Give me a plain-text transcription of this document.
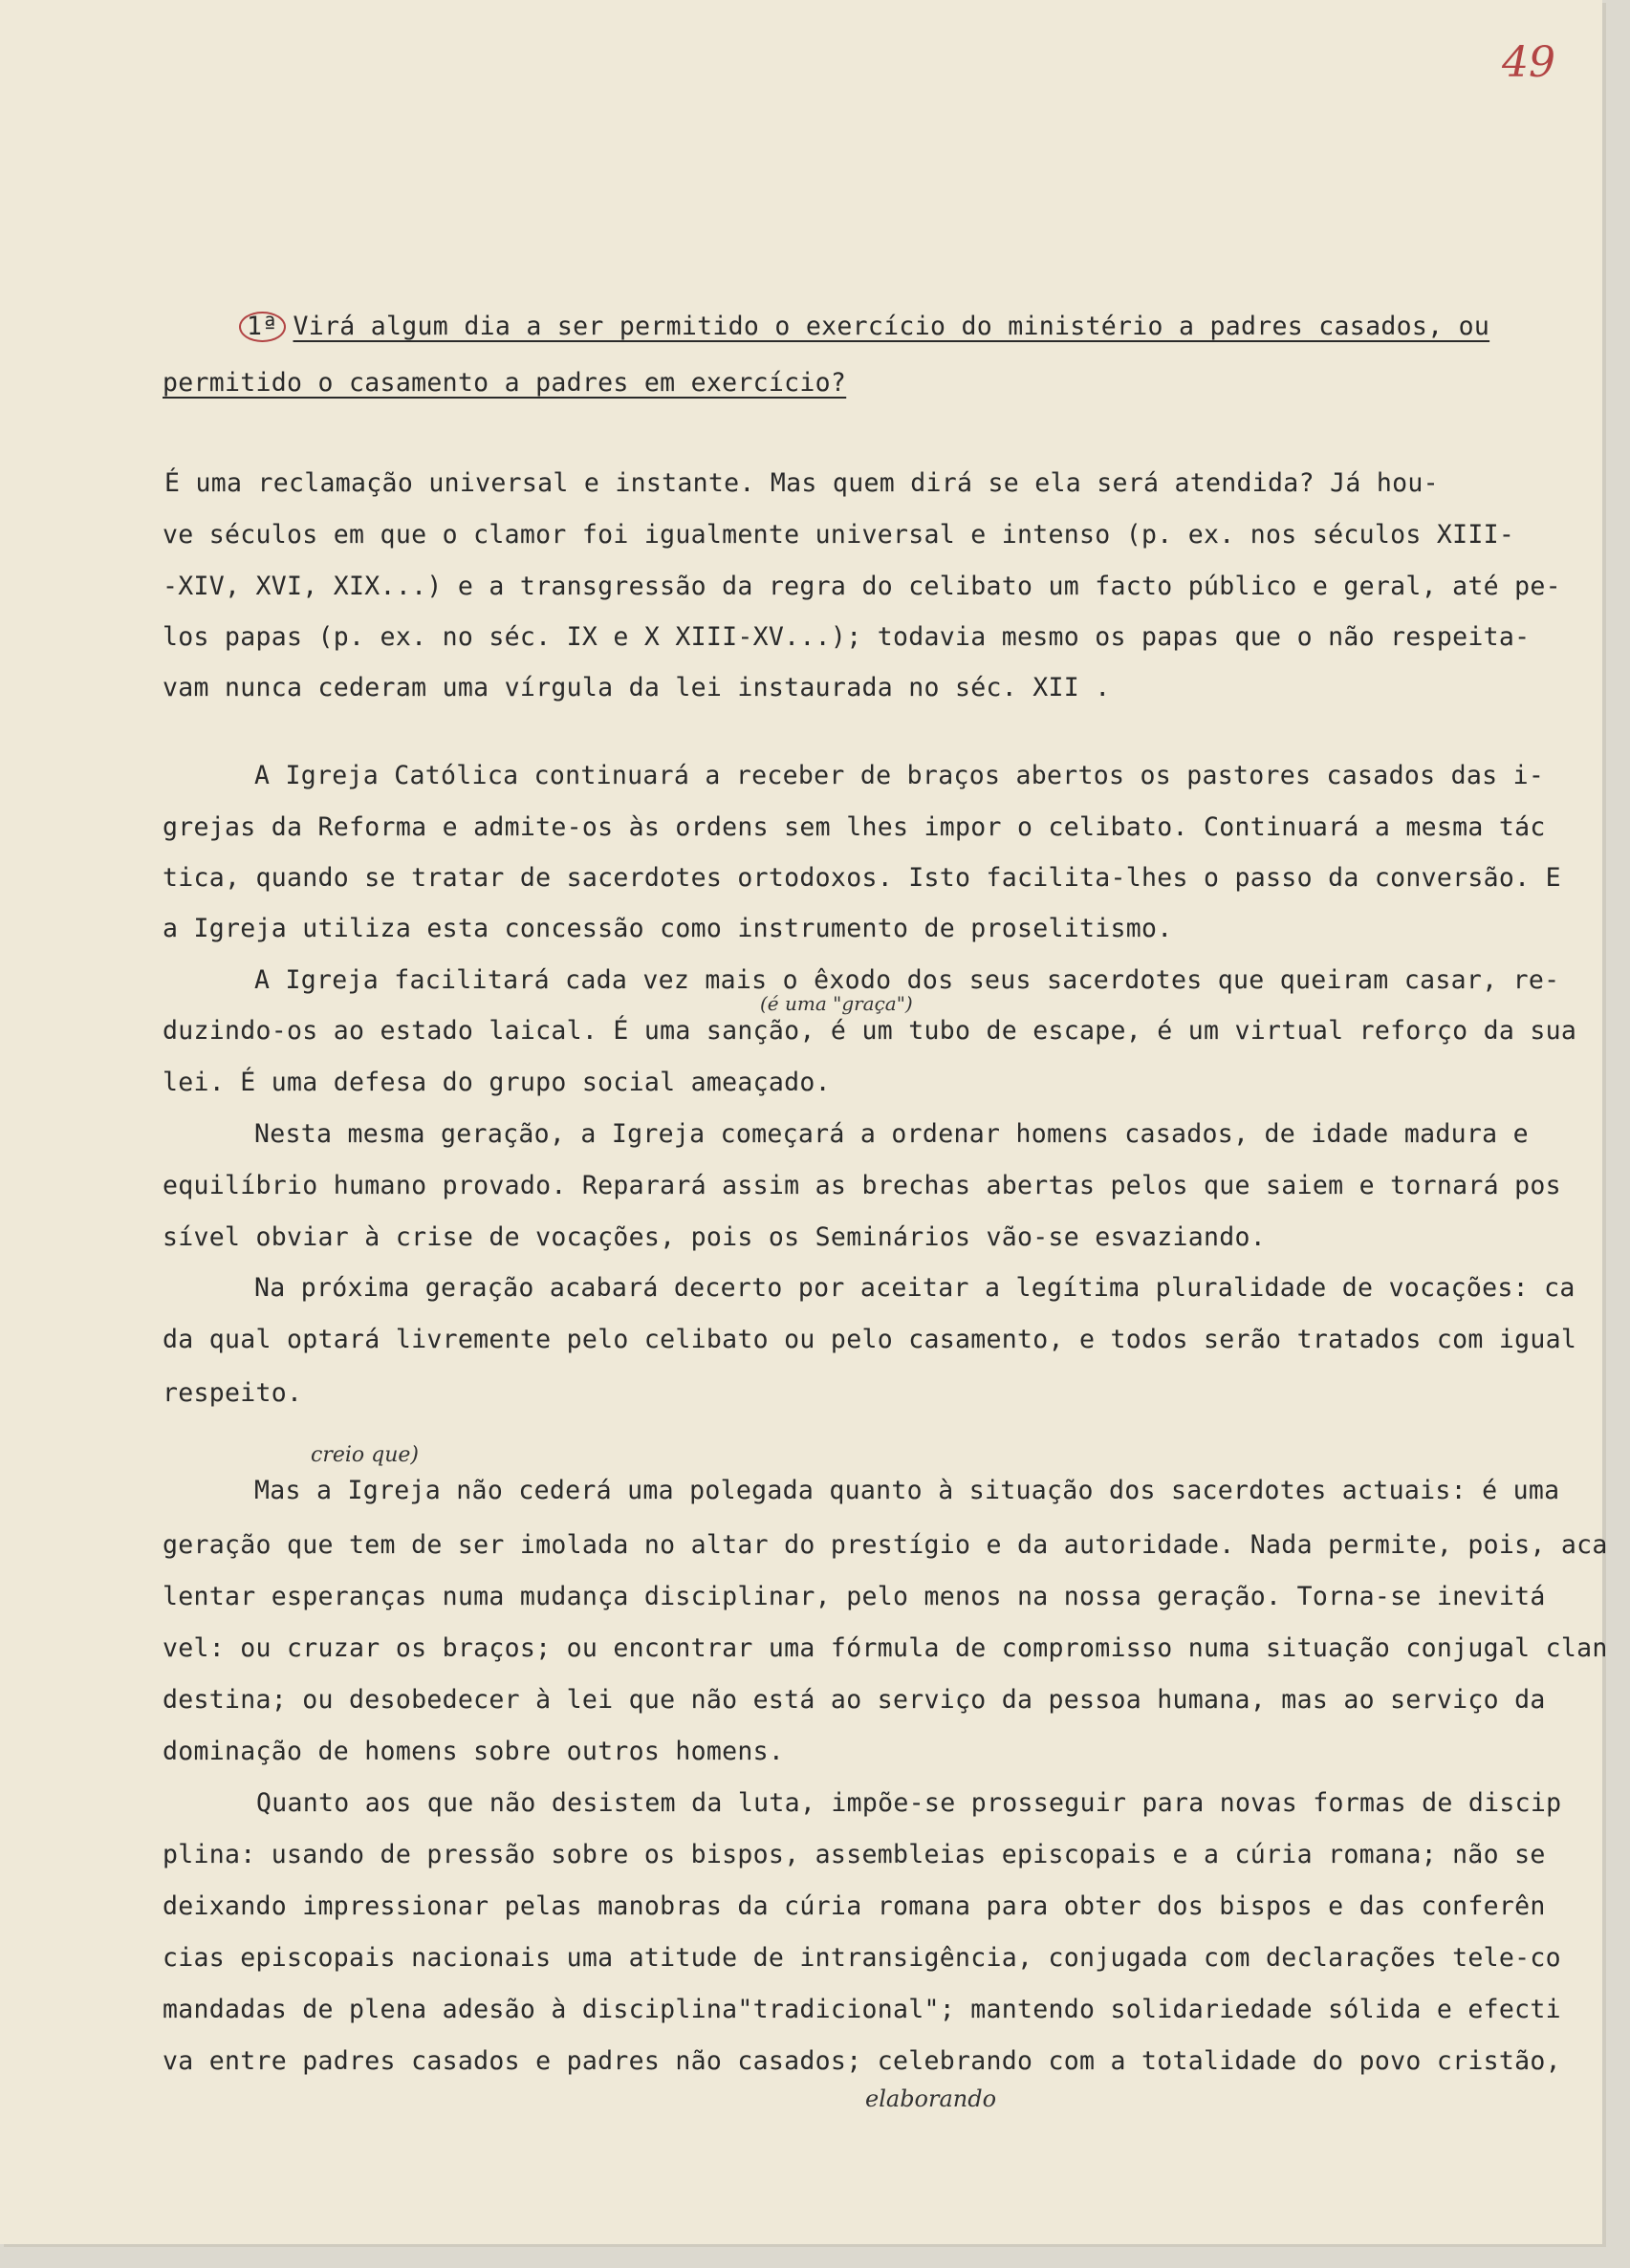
49
1ª Virá algum dia a ser permitido o exercício do ministério a padres casados, ou
permitido o casamento a padres em exercício?
É uma reclamação universal e instante. Mas quem dirá se ela será atendida? Já hou-
ve séculos em que o clamor foi igualmente universal e intenso (p. ex. nos séculos XIII-
-XIV, XVI, XIX...) e a transgressão da regra do celibato um facto público e geral, até pe-
los papas (p. ex. no séc. IX e X XIII-XV...); todavia mesmo os papas que o não respeita-
vam nunca cederam uma vírgula da lei instaurada no séc. XII .
A Igreja Católica continuará a receber de braços abertos os pastores casados das i-
grejas da Reforma e admite-os às ordens sem lhes impor o celibato. Continuará a mesma tác
tica, quando se tratar de sacerdotes ortodoxos. Isto facilita-lhes o passo da conversão. E
a Igreja utiliza esta concessão como instrumento de proselitismo.
(é uma "graça")
A Igreja facilitará cada vez mais o êxodo dos seus sacerdotes que queiram casar, re-
duzindo-os ao estado laical. É uma sanção, é um tubo de escape, é um virtual reforço da sua
lei. É uma defesa do grupo social ameaçado.
Nesta mesma geração, a Igreja começará a ordenar homens casados, de idade madura e
equilíbrio humano provado. Reparará assim as brechas abertas pelos que saiem e tornará pos
sível obviar à crise de vocações, pois os Seminários vão-se esvaziando.
Na próxima geração acabará decerto por aceitar a legítima pluralidade de vocações: ca
da qual optará livremente pelo celibato ou pelo casamento, e todos serão tratados com igual
respeito.
creio que)
Mas a Igreja não cederá uma polegada quanto à situação dos sacerdotes actuais: é uma
geração que tem de ser imolada no altar do prestígio e da autoridade. Nada permite, pois, aca
lentar esperanças numa mudança disciplinar, pelo menos na nossa geração. Torna-se inevitá
vel: ou cruzar os braços; ou encontrar uma fórmula de compromisso numa situação conjugal clan
destina; ou desobedecer à lei que não está ao serviço da pessoa humana, mas ao serviço da
dominação de homens sobre outros homens.
Quanto aos que não desistem da luta, impõe-se prosseguir para novas formas de discip
plina: usando de pressão sobre os bispos, assembleias episcopais e a cúria romana; não se
deixando impressionar pelas manobras da cúria romana para obter dos bispos e das conferên
cias episcopais nacionais uma atitude de intransigência, conjugada com declarações tele-co
mandadas de plena adesão à disciplina"tradicional"; mantendo solidariedade sólida e efecti
va entre padres casados e padres não casados; celebrando com a totalidade do povo cristão,
elaborando
